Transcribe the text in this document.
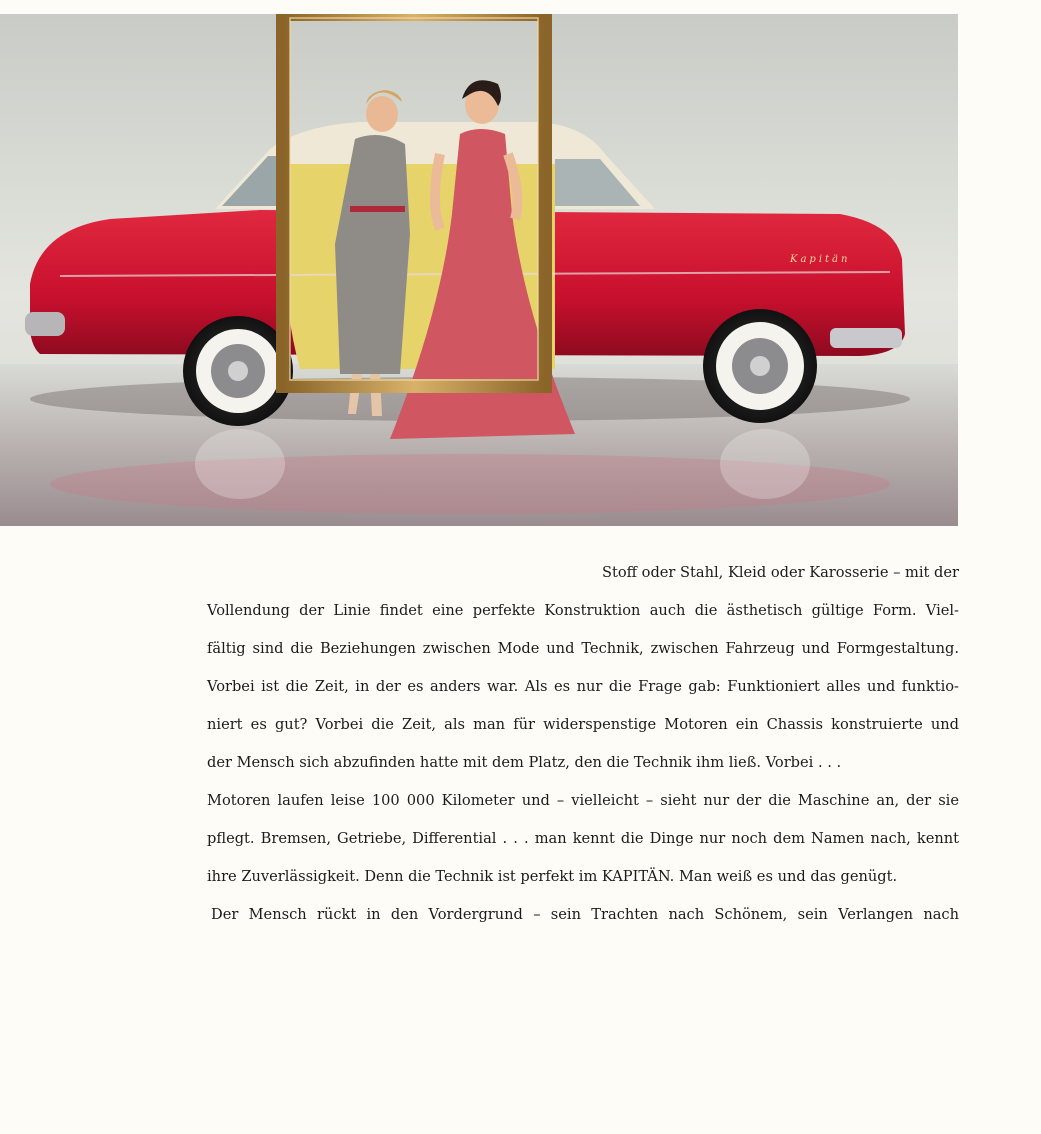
Kapitän
Stoff oder Stahl, Kleid oder Karosserie – mit der
Vollendung der Linie findet eine perfekte Konstruktion auch die ästhetisch gültige Form. Viel-
fältig sind die Beziehungen zwischen Mode und Technik, zwischen Fahrzeug und Formgestaltung.
Vorbei ist die Zeit, in der es anders war. Als es nur die Frage gab: Funktioniert alles und funktio-
niert es gut? Vorbei die Zeit, als man für widerspenstige Motoren ein Chassis konstruierte und
der Mensch sich abzufinden hatte mit dem Platz, den die Technik ihm ließ. Vorbei . . .
Motoren laufen leise 100 000 Kilometer und – vielleicht – sieht nur der die Maschine an, der sie
pflegt. Bremsen, Getriebe, Differential . . . man kennt die Dinge nur noch dem Namen nach, kennt
ihre Zuverlässigkeit. Denn die Technik ist perfekt im KAPITÄN. Man weiß es und das genügt.
Der Mensch rückt in den Vordergrund – sein Trachten nach Schönem, sein Verlangen nach
